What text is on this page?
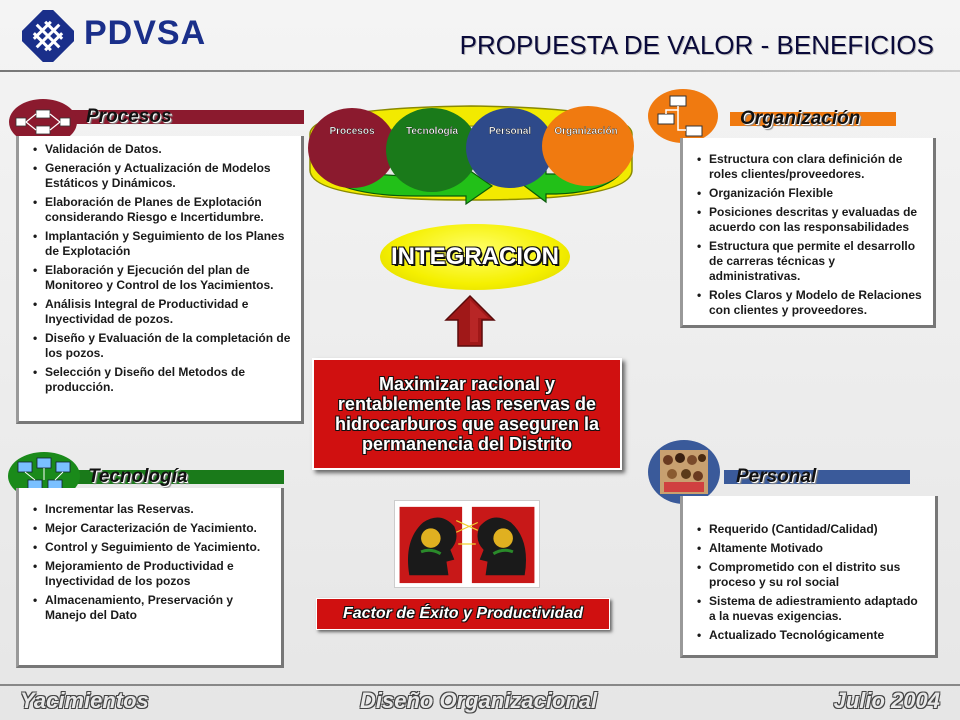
PDVSA	PROPUESTA DE VALOR - BENEFICIOS
Procesos	Tecnología	Personal Organización
Procesos
• Validación de Datos.
• Generación y Actualización de Modelos Estáticos y Dinámicos.
• Elaboración de Planes de Explotación considerando Riesgo e Incertidumbre.
• Implantación y Seguimiento de los Planes de Explotación
• Elaboración y Ejecución del plan de Monitoreo y Control de los Yacimientos.
• Análisis Integral de Productividad e Inyectividad de pozos.
• Diseño y Evaluación de la completación de los pozos.
• Selección y Diseño del Metodos de producción.
Organización
• Estructura con clara definición de roles clientes/proveedores.
• Organización Flexible
• Posiciones descritas y evaluadas de acuerdo con las responsabilidades
• Estructura que permite el desarrollo de carreras técnicas y administrativas.
• Roles Claros y Modelo de Relaciones con clientes y proveedores.
INTEGRACION
Maximizar racional y rentablemente las reservas de hidrocarburos que aseguren la permanencia del Distrito
Factor de Éxito y Productividad
Tecnología
• Incrementar las Reservas.
• Mejor Caracterización de Yacimiento.
• Control y Seguimiento de Yacimiento.
• Mejoramiento de Productividad e Inyectividad de los pozos
• Almacenamiento, Preservación y Manejo del Dato
Personal
• Requerido (Cantidad/Calidad)
• Altamente Motivado
• Comprometido con el distrito sus proceso y su rol social
• Sistema de adiestramiento adaptado a la nuevas exigencias.
• Actualizado Tecnológicamente
Yacimientos	Diseño Organizacional	Julio 2004
